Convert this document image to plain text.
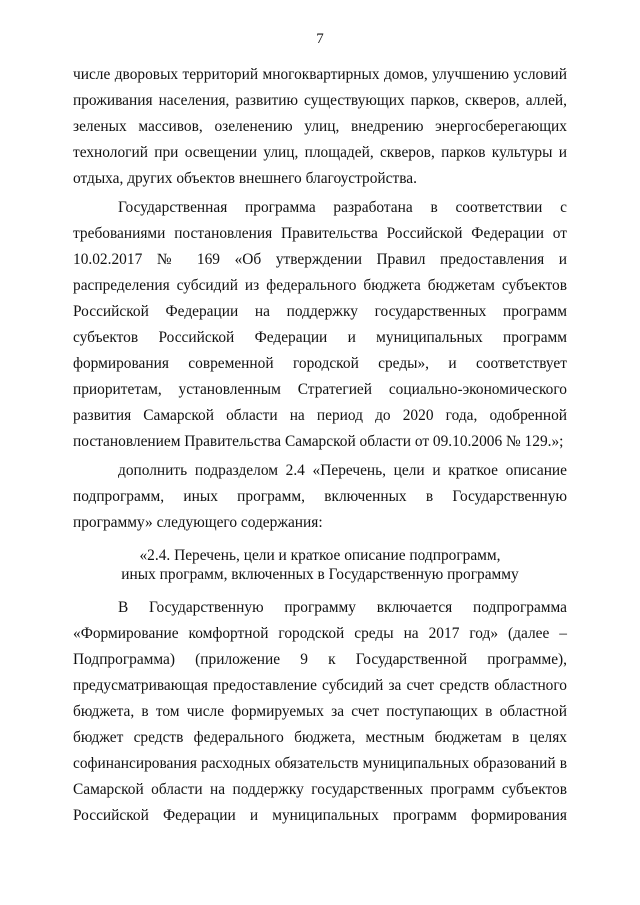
7
числе дворовых территорий многоквартирных домов, улучшению условий
проживания населения, развитию существующих парков, скверов, аллей,
зеленых массивов, озеленению улиц, внедрению энергосберегающих
технологий при освещении улиц, площадей, скверов, парков культуры и
отдыха, других объектов внешнего благоустройства.
Государственная программа разработана в соответствии с
требованиями постановления Правительства Российской Федерации от
10.02.2017 № 169 «Об утверждении Правил предоставления и
распределения субсидий из федерального бюджета бюджетам субъектов
Российской Федерации на поддержку государственных программ
субъектов Российской Федерации и муниципальных программ
формирования современной городской среды», и соответствует
приоритетам, установленным Стратегией социально-экономического
развития Самарской области на период до 2020 года, одобренной
постановлением Правительства Самарской области от 09.10.2006 № 129.»;
дополнить подразделом 2.4 «Перечень, цели и краткое описание
подпрограмм, иных программ, включенных в Государственную
программу» следующего содержания:
«2.4. Перечень, цели и краткое описание подпрограмм,
иных программ, включенных в Государственную программу
В Государственную программу включается подпрограмма
«Формирование комфортной городской среды на 2017 год» (далее –
Подпрограмма) (приложение 9 к Государственной программе),
предусматривающая предоставление субсидий за счет средств областного
бюджета, в том числе формируемых за счет поступающих в областной
бюджет средств федерального бюджета, местным бюджетам в целях
софинансирования расходных обязательств муниципальных образований в
Самарской области на поддержку государственных программ субъектов
Российской Федерации и муниципальных программ формирования
